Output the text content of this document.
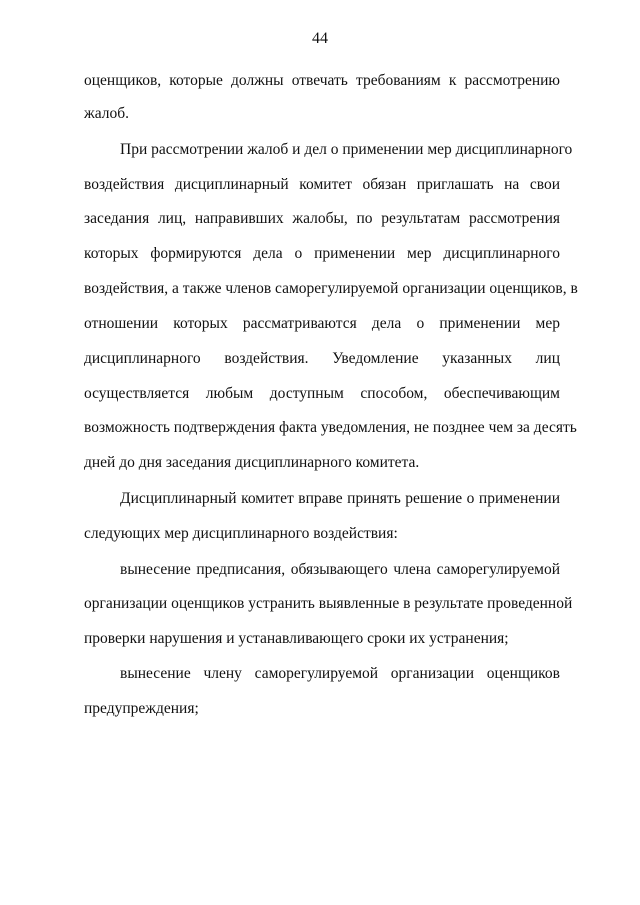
44
оценщиков, которые должны отвечать требованиям к рассмотрению
жалоб.
При рассмотрении жалоб и дел о применении мер дисциплинарного
воздействия дисциплинарный комитет обязан приглашать на свои
заседания лиц, направивших жалобы, по результатам рассмотрения
которых формируются дела о применении мер дисциплинарного
воздействия, а также членов саморегулируемой организации оценщиков, в
отношении которых рассматриваются дела о применении мер
дисциплинарного воздействия. Уведомление указанных лиц
осуществляется любым доступным способом, обеспечивающим
возможность подтверждения факта уведомления, не позднее чем за десять
дней до дня заседания дисциплинарного комитета.
Дисциплинарный комитет вправе принять решение о применении
следующих мер дисциплинарного воздействия:
вынесение предписания, обязывающего члена саморегулируемой
организации оценщиков устранить выявленные в результате проведенной
проверки нарушения и устанавливающего сроки их устранения;
вынесение члену саморегулируемой организации оценщиков
предупреждения;
